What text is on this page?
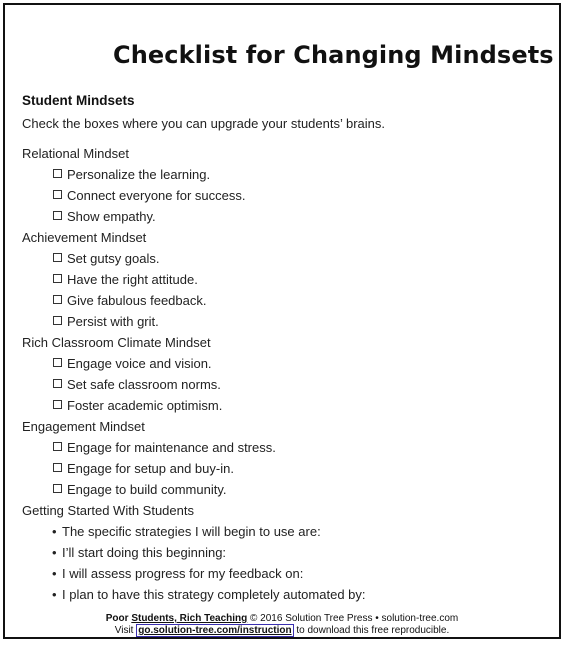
Checklist for Changing Mindsets
Student Mindsets
Check the boxes where you can upgrade your students’ brains.
Relational Mindset
Personalize the learning.
Connect everyone for success.
Show empathy.
Achievement Mindset
Set gutsy goals.
Have the right attitude.
Give fabulous feedback.
Persist with grit.
Rich Classroom Climate Mindset
Engage voice and vision.
Set safe classroom norms.
Foster academic optimism.
Engagement Mindset
Engage for maintenance and stress.
Engage for setup and buy-in.
Engage to build community.
Getting Started With Students
• The specific strategies I will begin to use are:
• I’ll start doing this beginning:
• I will assess progress for my feedback on:
• I plan to have this strategy completely automated by:
Poor Students, Rich Teaching © 2016 Solution Tree Press • solution-tree.com
Visit go.solution-tree.com/instruction to download this free reproducible.
